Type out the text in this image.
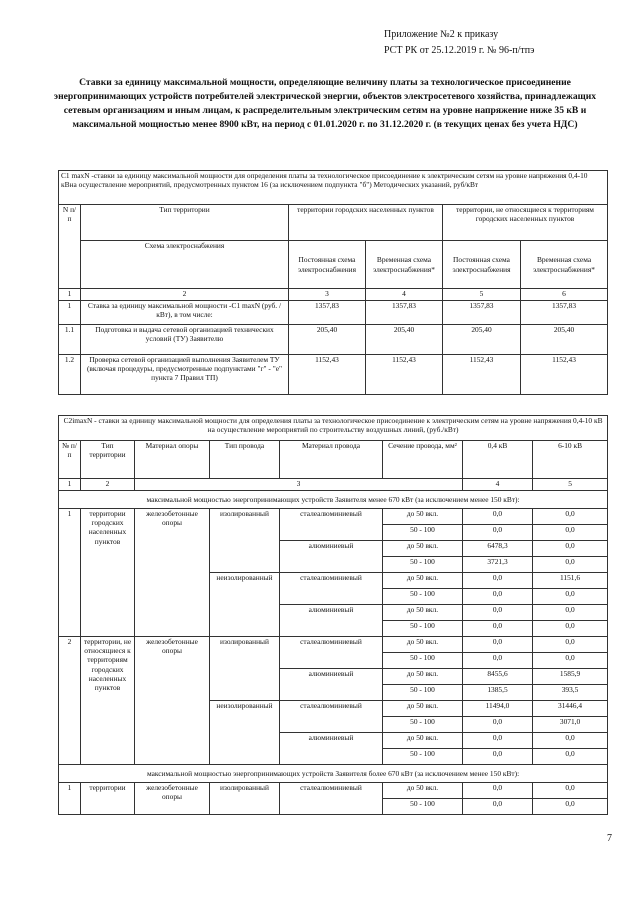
Приложение №2 к приказу
РСТ РК от 25.12.2019 г. № 96-п/тпэ
Ставки за единицу максимальной мощности, определяющие величину платы за технологическое присоединение энергопринимающих устройств потребителей электрической энергии, объектов электросетевого хозяйства, принадлежащих сетевым организациям и иным лицам, к распределительным электрическим сетям на уровне напряжение ниже 35 кВ и максимальной мощностью менее 8900 кВт, на период с 01.01.2020 г. по 31.12.2020 г. (в текущих ценах без учета НДС)
С1 maxN -ставки за единицу максимальной мощности для определения платы за технологическое присоединение к электрическим сетям на уровне напряжения 0,4-10 кВна осуществление мероприятий, предусмотренных пунктом 16 (за исключением подпункта "б") Методических указаний, руб/кВт					
N п/п	Тип территории	территории городских населенных пунктов		территории, не относящиеся к территориям городских населенных пунктов	
	Схема электроснабжения	Постоянная схема электроснабжения	Временная схема электроснабжения*	Постоянная схема электроснабжения	Временная схема электроснабжения*
1	2	3	4	5	6
1	Ставка за единицу максимальной мощности -С1 maxN (руб. / кВт), в том числе:	1357,83	1357,83	1357,83	1357,83
1.1	Подготовка и выдача сетевой организацией технических условий (ТУ) Заявителю	205,40	205,40	205,40	205,40
1.2	Проверка сетевой организацией выполнения Заявителем ТУ (включая процедуры, предусмотренные подпунктами "г" - "е" пункта 7 Правил ТП)	1152,43	1152,43	1152,43	1152,43
С2imaxN - ставки за единицу максимальной мощности для определения платы за технологическое присоединение к электрическим сетям на уровне напряжения 0,4-10 кВ на осуществление мероприятий по строительству воздушных линий, (руб./кВт)							
№ п/п	Тип территории	Материал опоры	Тип провода	Материал провода	Сечение провода, мм²	0,4 кВ	6-10 кВ
1	2	3				4	5
максимальной мощностью энергопринимающих устройств Заявителя менее 670 кВт (за исключением менее 150 кВт):							
1	территории городских населенных пунктов	железобетонные опоры	изолированный	сталеалюминиевый	до 50 вкл.	0,0	0,0
					50 - 100	0,0	0,0
				алюминиевый	до 50 вкл.	6478,3	0,0
					50 - 100	3721,3	0,0
			неизолированный	сталеалюминиевый	до 50 вкл.	0,0	1151,6
					50 - 100	0,0	0,0
				алюминиевый	до 50 вкл.	0,0	0,0
					50 - 100	0,0	0,0
2	территории, не относящиеся к территориям городских населенных пунктов	железобетонные опоры	изолированный	сталеалюминиевый	до 50 вкл.	0,0	0,0
					50 - 100	0,0	0,0
				алюминиевый	до 50 вкл.	8455,6	1585,9
					50 - 100	1385,5	393,5
			неизолированный	сталеалюминиевый	до 50 вкл.	11494,0	31446,4
					50 - 100	0,0	3071,0
				алюминиевый	до 50 вкл.	0,0	0,0
					50 - 100	0,0	0,0
максимальной мощностью энергопринимающих устройств Заявителя более 670 кВт (за исключением менее 150 кВт):							
1	территории	железобетонные опоры	изолированный	сталеалюминиевый	до 50 вкл.	0,0	0,0
					50 - 100	0,0	0,0
7
